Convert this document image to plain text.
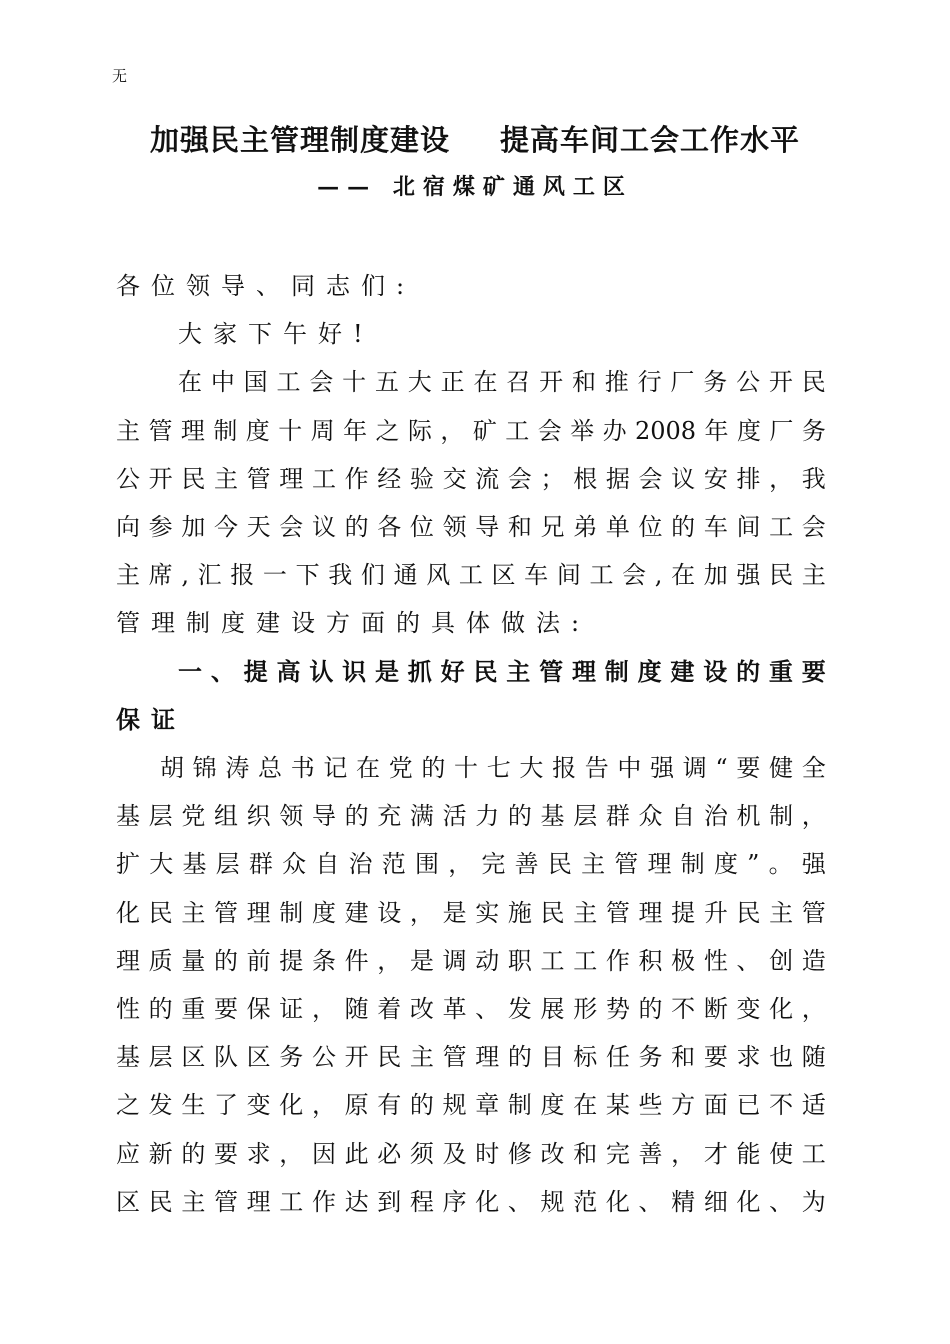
无
加强民主管理制度建设 提高车间工会工作水平
—— 北宿煤矿通风工区
各位领导、同志们:
大家下午好!
在 中 国 工 会 十 五 大 正 在 召 开 和 推 行 厂 务 公 开 民
主 管 理 制 度 十 周 年 之 际 ， 矿 工 会 举 办 2008 年 度 厂 务
公 开 民 主 管 理 工 作 经 验 交 流 会 ； 根 据 会 议 安 排 ， 我
向 参 加 今 天 会 议 的 各 位 领 导 和 兄 弟 单 位 的 车 间 工 会
主 席 , 汇 报 一 下 我 们 通 风 工 区 车 间 工 会 , 在 加 强 民 主
管理制度建设方面的具体做法:
一 、 提 高 认 识 是 抓 好 民 主 管 理 制 度 建 设 的 重 要
保证
胡 锦 涛 总 书 记 在 党 的 十 七 大 报 告 中 强 调 “ 要 健 全
基 层 党 组 织 领 导 的 充 满 活 力 的 基 层 群 众 自 治 机 制 ，
扩 大 基 层 群 众 自 治 范 围 ， 完 善 民 主 管 理 制 度 ” 。 强
化 民 主 管 理 制 度 建 设 ， 是 实 施 民 主 管 理 提 升 民 主 管
理 质 量 的 前 提 条 件 ， 是 调 动 职 工 工 作 积 极 性 、 创 造
性 的 重 要 保 证 ， 随 着 改 革 、 发 展 形 势 的 不 断 变 化 ，
基 层 区 队 区 务 公 开 民 主 管 理 的 目 标 任 务 和 要 求 也 随
之 发 生 了 变 化 ， 原 有 的 规 章 制 度 在 某 些 方 面 已 不 适
应 新 的 要 求 ， 因 此 必 须 及 时 修 改 和 完 善 ， 才 能 使 工
区 民 主 管 理 工 作 达 到 程 序 化 、 规 范 化 、 精 细 化 、 为
